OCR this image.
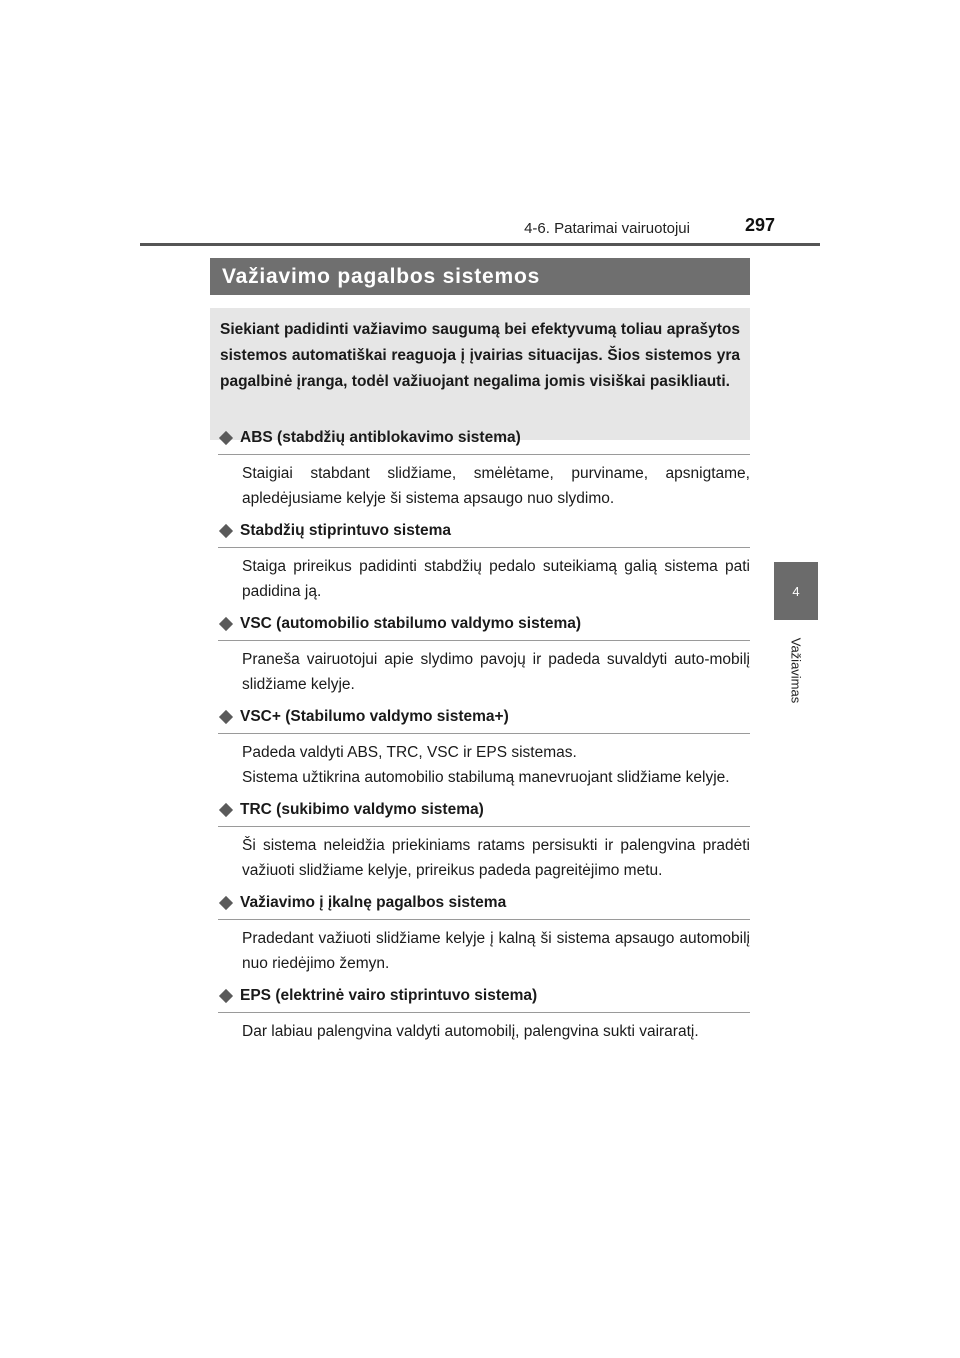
4-6. Patarimai vairuotojui	297
4
Važiavimas
Važiavimo pagalbos sistemos
Siekiant padidinti važiavimo saugumą bei efektyvumą toliau aprašytos sistemos automatiškai reaguoja į įvairias situacijas. Šios sistemos yra pagalbinė įranga, todėl važiuojant negalima jomis visiškai pasikliauti.
ABS (stabdžių antiblokavimo sistema)

Staigiai stabdant slidžiame, smėlėtame, purviname, apsnigtame, apledėjusiame kelyje ši sistema apsaugo nuo slydimo.

Stabdžių stiprintuvo sistema

Staiga prireikus padidinti stabdžių pedalo suteikiamą galią sistema pati padidina ją.

VSC (automobilio stabilumo valdymo sistema)

Praneša vairuotojui apie slydimo pavojų ir padeda suvaldyti auto-mobilį slidžiame kelyje.

VSC+ (Stabilumo valdymo sistema+)

Padeda valdyti ABS, TRC, VSC ir EPS sistemas.

Sistema užtikrina automobilio stabilumą manevruojant slidžiame kelyje.

TRC (sukibimo valdymo sistema)

Ši sistema neleidžia priekiniams ratams persisukti ir palengvina pradėti važiuoti slidžiame kelyje, prireikus padeda pagreitėjimo metu.

Važiavimo į įkalnę pagalbos sistema

Pradedant važiuoti slidžiame kelyje į kalną ši sistema apsaugo automobilį nuo riedėjimo žemyn.

EPS (elektrinė vairo stiprintuvo sistema)

Dar labiau palengvina valdyti automobilį, palengvina sukti vairaratį.
